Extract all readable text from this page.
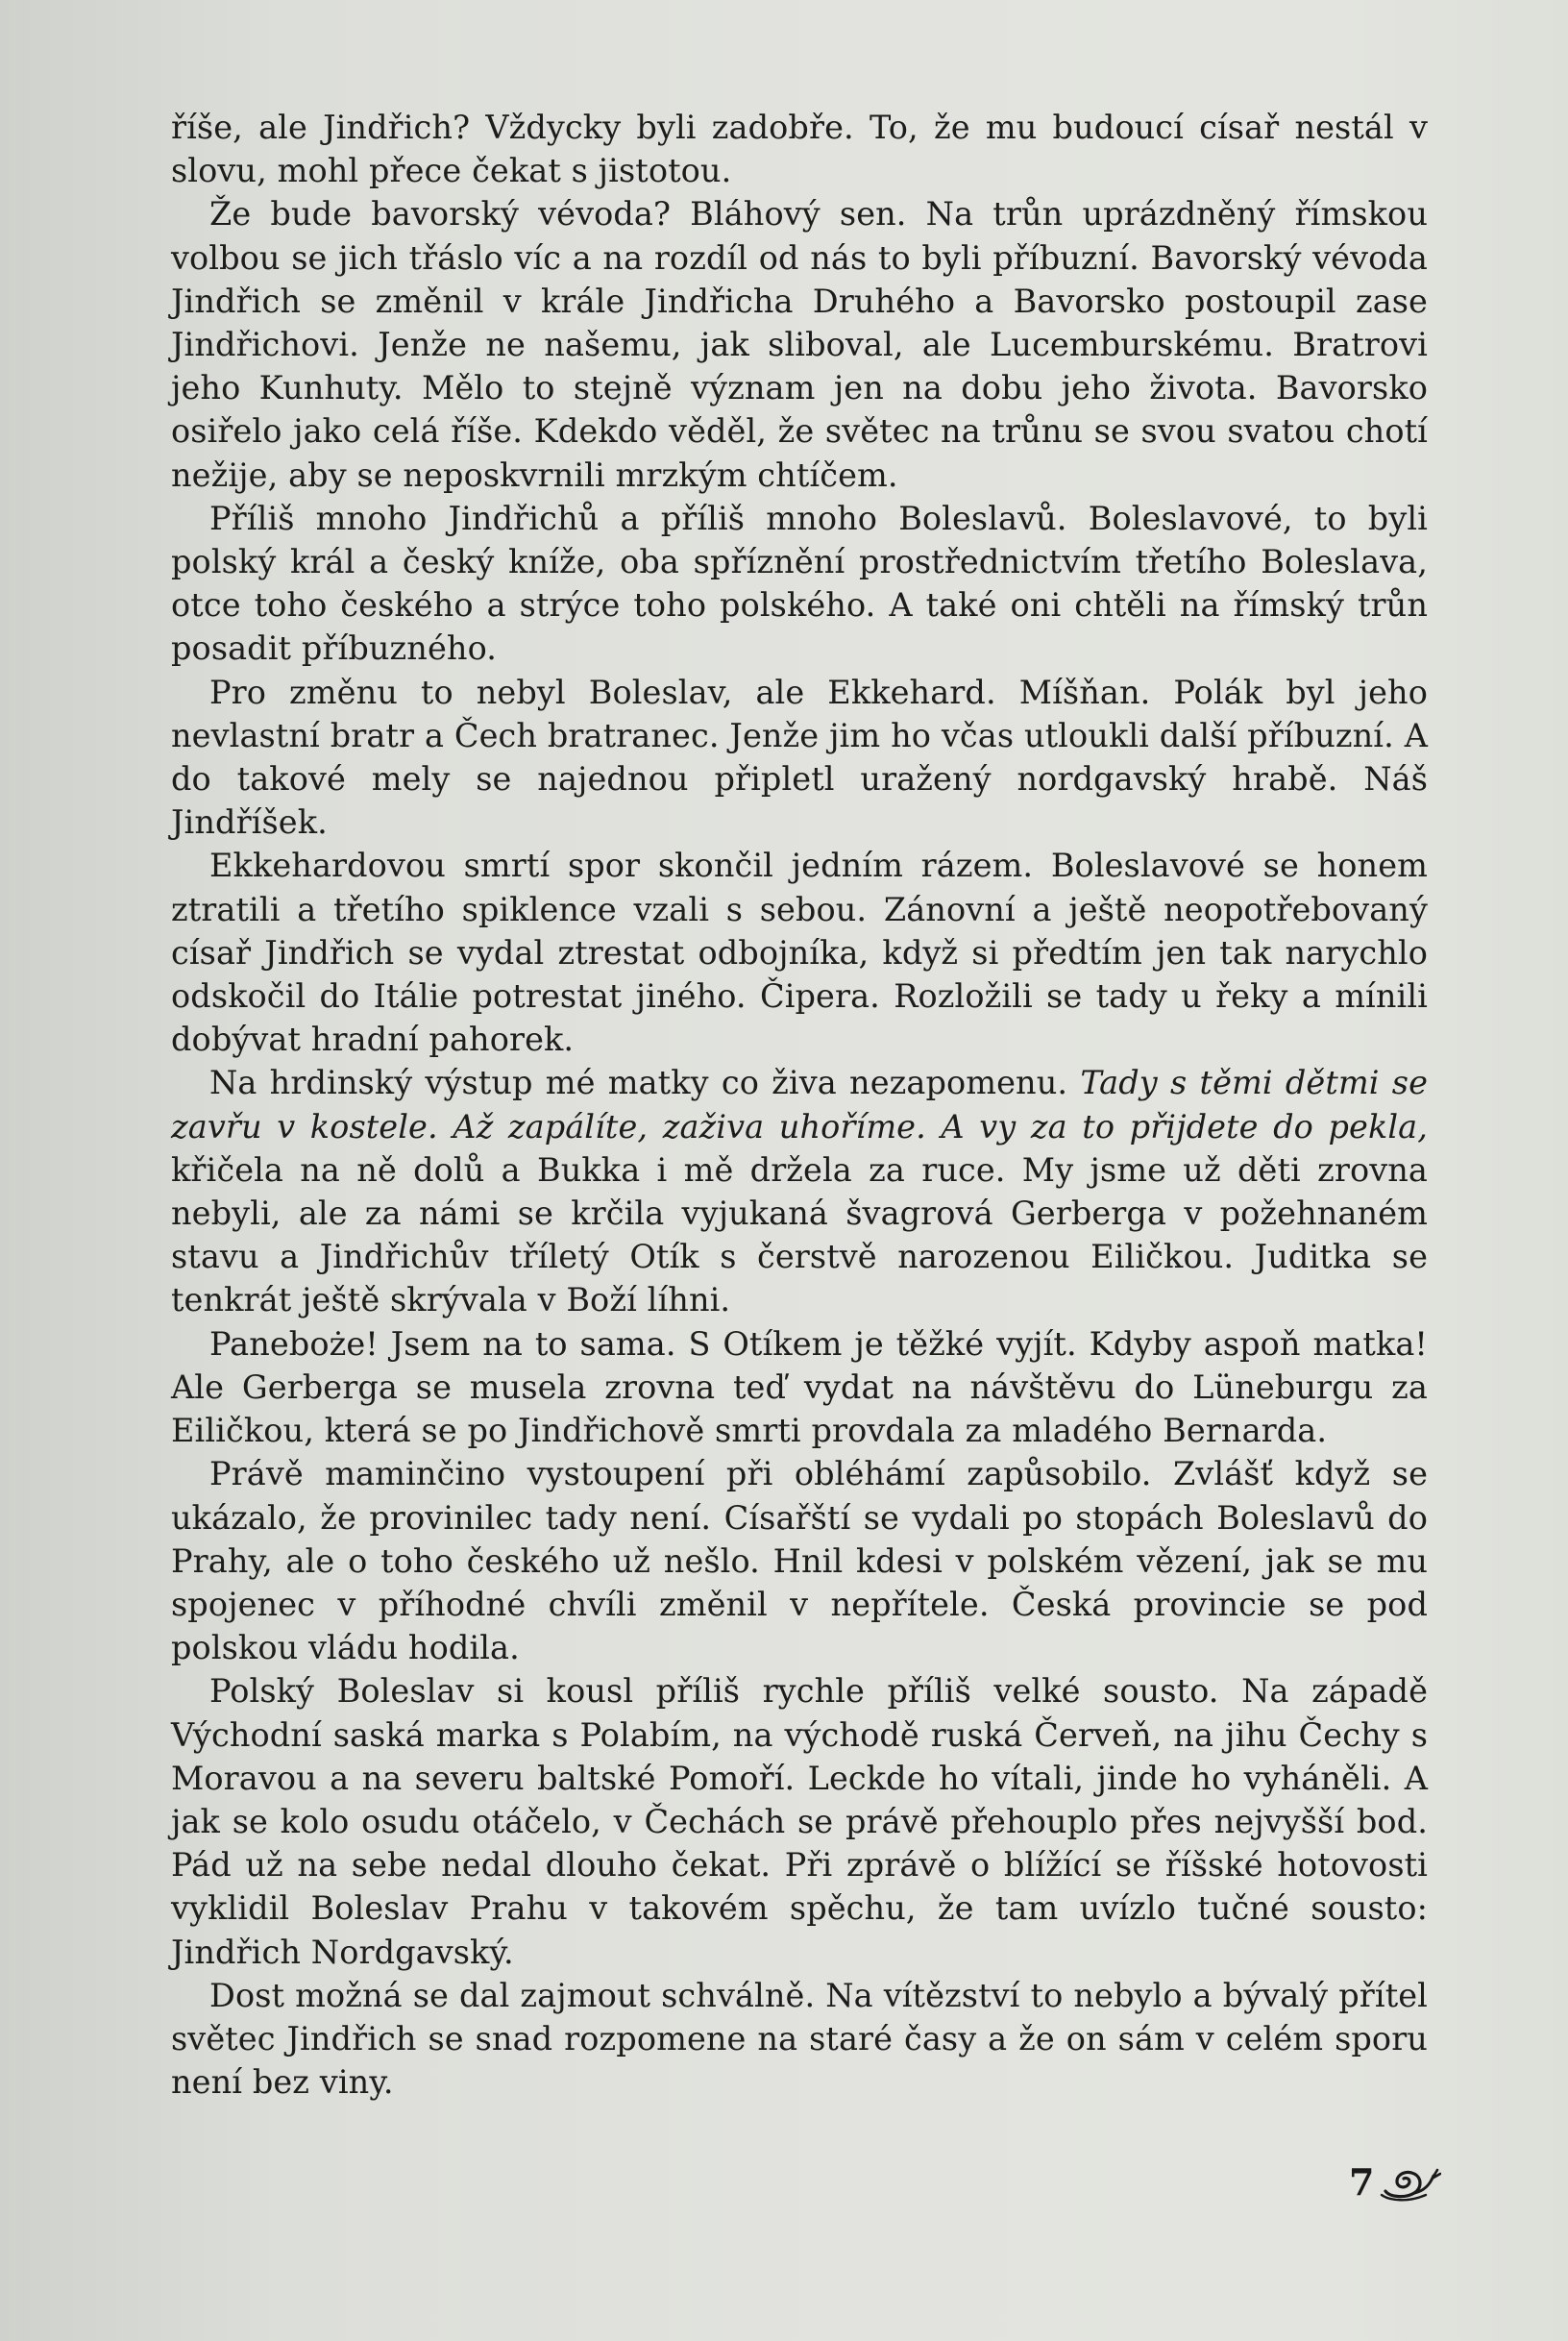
říše, ale Jindřich? Vždycky byli zadobře. To, že mu budoucí císař nestál v slovu, mohl přece čekat s jistotou.

Že bude bavorský vévoda? Bláhový sen. Na trůn uprázdněný římskou volbou se jich třáslo víc a na rozdíl od nás to byli příbuzní. Bavorský vévoda Jindřich se změnil v krále Jindřicha Druhého a Bavorsko postoupil zase Jindřichovi. Jenže ne našemu, jak sliboval, ale Lucemburskému. Bratrovi jeho Kunhuty. Mělo to stejně význam jen na dobu jeho života. Bavorsko osiřelo jako celá říše. Kdekdo věděl, že světec na trůnu se svou svatou chotí nežije, aby se neposkvrnili mrzkým chtíčem.

Příliš mnoho Jindřichů a příliš mnoho Boleslavů. Boleslavové, to byli polský král a český kníže, oba spříznění prostřednictvím třetího Boleslava, otce toho českého a strýce toho polského. A také oni chtěli na římský trůn posadit příbuzného.

Pro změnu to nebyl Boleslav, ale Ekkehard. Míšňan. Polák byl jeho nevlastní bratr a Čech bratranec. Jenže jim ho včas utloukli další příbuzní. A do takové mely se najednou připletl uražený nordgavský hrabě. Náš Jindříšek.

Ekkehardovou smrtí spor skončil jedním rázem. Boleslavové se honem ztratili a třetího spiklence vzali s sebou. Zánovní a ještě neopotřebovaný císař Jindřich se vydal ztrestat odbojníka, když si předtím jen tak narychlo odskočil do Itálie potrestat jiného. Čipera. Rozložili se tady u řeky a mínili dobývat hradní pahorek.

Na hrdinský výstup mé matky co živa nezapomenu. Tady s těmi dětmi se zavřu v kostele. Až zapálíte, zaživa uhoříme. A vy za to přijdete do pekla, křičela na ně dolů a Bukka i mě držela za ruce. My jsme už děti zrovna nebyli, ale za námi se krčila vyjukaná švagrová Gerberga v požehnaném stavu a Jindřichův tříletý Otík s čerstvě narozenou Eiličkou. Juditka se tenkrát ještě skrývala v Boží líhni.

Paneboże! Jsem na to sama. S Otíkem je těžké vyjít. Kdyby aspoň matka! Ale Gerberga se musela zrovna teď vydat na návštěvu do Lüneburgu za Eiličkou, která se po Jindřichově smrti provdala za mladého Bernarda.

Právě maminčino vystoupení při obléhámí zapůsobilo. Zvlášť když se ukázalo, že provinilec tady není. Císařští se vydali po stopách Boleslavů do Prahy, ale o toho českého už nešlo. Hnil kdesi v polském vězení, jak se mu spojenec v příhodné chvíli změnil v nepřítele. Česká provincie se pod polskou vládu hodila.

Polský Boleslav si kousl příliš rychle příliš velké sousto. Na západě Východní saská marka s Polabím, na východě ruská Červeň, na jihu Čechy s Moravou a na severu baltské Pomoří. Leckde ho vítali, jinde ho vyháněli. A jak se kolo osudu otáčelo, v Čechách se právě přehouplo přes nejvyšší bod. Pád už na sebe nedal dlouho čekat. Při zprávě o blížící se říšské hotovosti vyklidil Boleslav Prahu v takovém spěchu, že tam uvízlo tučné sousto: Jindřich Nordgavský.

Dost možná se dal zajmout schválně. Na vítězství to nebylo a bývalý přítel světec Jindřich se snad rozpomene na staré časy a že on sám v celém sporu není bez viny.

7
